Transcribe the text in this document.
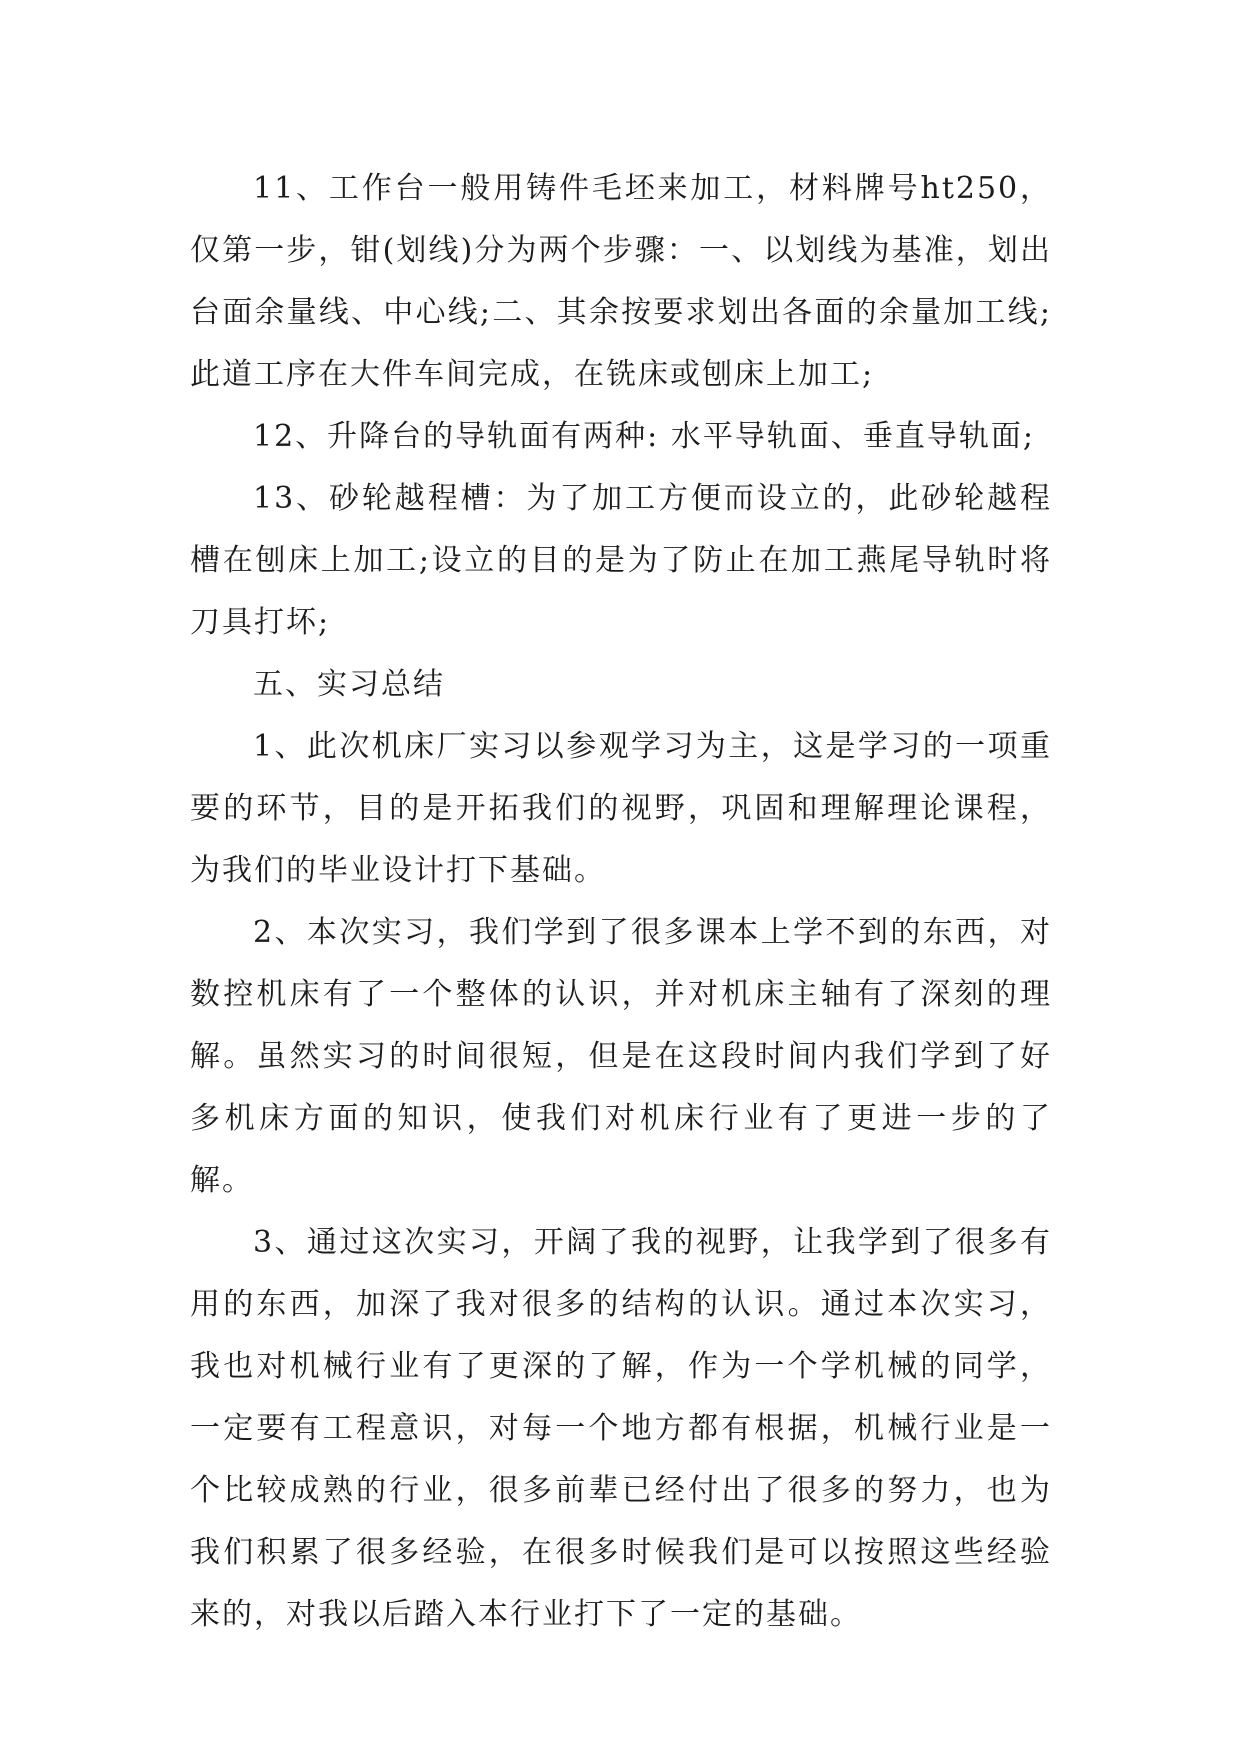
11、工作台一般用铸件毛坯来加工，材料牌号ht250，仅第一步，钳(划线)分为两个步骤：一、以划线为基准，划出台面余量线、中心线;二、其余按要求划出各面的余量加工线;此道工序在大件车间完成，在铣床或刨床上加工;

12、升降台的导轨面有两种: 水平导轨面、垂直导轨面;

13、砂轮越程槽：为了加工方便而设立的，此砂轮越程槽在刨床上加工;设立的目的是为了防止在加工燕尾导轨时将刀具打坏;

五、实习总结

1、此次机床厂实习以参观学习为主，这是学习的一项重要的环节，目的是开拓我们的视野，巩固和理解理论课程，为我们的毕业设计打下基础。

2、本次实习，我们学到了很多课本上学不到的东西，对数控机床有了一个整体的认识，并对机床主轴有了深刻的理解。虽然实习的时间很短，但是在这段时间内我们学到了好多机床方面的知识，使我们对机床行业有了更进一步的了解。

3、通过这次实习，开阔了我的视野，让我学到了很多有用的东西，加深了我对很多的结构的认识。通过本次实习，我也对机械行业有了更深的了解，作为一个学机械的同学，一定要有工程意识，对每一个地方都有根据，机械行业是一个比较成熟的行业，很多前辈已经付出了很多的努力，也为我们积累了很多经验，在很多时候我们是可以按照这些经验来的，对我以后踏入本行业打下了一定的基础。
